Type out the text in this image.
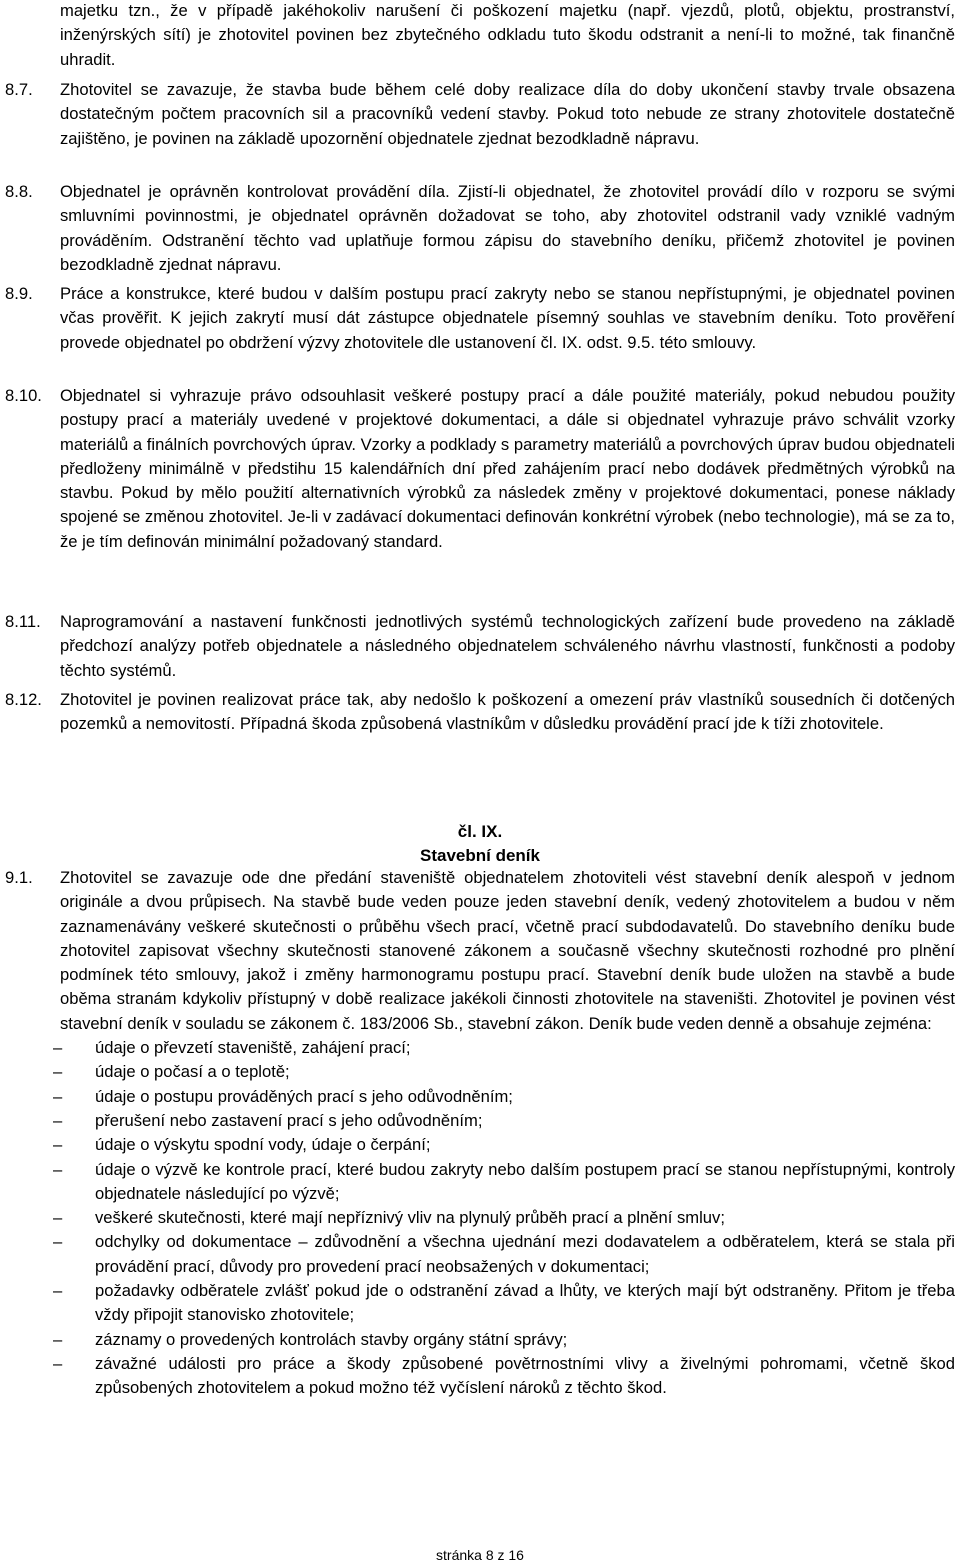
majetku tzn., že v případě jakéhokoliv narušení či poškození majetku (např. vjezdů, plotů, objektu, prostranství, inženýrských sítí) je zhotovitel povinen bez zbytečného odkladu tuto škodu odstranit a není-li to možné, tak finančně uhradit.

8.7.	Zhotovitel se zavazuje, že stavba bude během celé doby realizace díla do doby ukončení stavby trvale obsazena dostatečným počtem pracovních sil a pracovníků vedení stavby. Pokud toto nebude ze strany zhotovitele dostatečně zajištěno, je povinen na základě upozornění objednatele zjednat bezodkladně nápravu.
8.8.	Objednatel je oprávněn kontrolovat provádění díla. Zjistí-li objednatel, že zhotovitel provádí dílo v rozporu se svými smluvními povinnostmi, je objednatel oprávněn dožadovat se toho, aby zhotovitel odstranil vady vzniklé vadným prováděním. Odstranění těchto vad uplatňuje formou zápisu do stavebního deníku, přičemž zhotovitel je povinen bezodkladně zjednat nápravu.
8.9.	Práce a konstrukce, které budou v dalším postupu prací zakryty nebo se stanou nepřístupnými, je objednatel povinen včas prověřit. K jejich zakrytí musí dát zástupce objednatele písemný souhlas ve stavebním deníku. Toto prověření provede objednatel po obdržení výzvy zhotovitele dle ustanovení čl. IX. odst. 9.5. této smlouvy.
8.10.	Objednatel si vyhrazuje právo odsouhlasit veškeré postupy prací a dále použité materiály, pokud nebudou použity postupy prací a materiály uvedené v projektové dokumentaci, a dále si objednatel vyhrazuje právo schválit vzorky materiálů a finálních povrchových úprav. Vzorky a podklady s parametry materiálů a povrchových úprav budou objednateli předloženy minimálně v předstihu 15 kalendářních dní před zahájením prací nebo dodávek předmětných výrobků na stavbu. Pokud by mělo použití alternativních výrobků za následek změny v projektové dokumentaci, ponese náklady spojené se změnou zhotovitel. Je-li v zadávací dokumentaci definován konkrétní výrobek (nebo technologie), má se za to, že je tím definován minimální požadovaný standard.
8.11.	Naprogramování a nastavení funkčnosti jednotlivých systémů technologických zařízení bude provedeno na základě předchozí analýzy potřeb objednatele a následného objednatelem schváleného návrhu vlastností, funkčnosti a podoby těchto systémů.
8.12.	Zhotovitel je povinen realizovat práce tak, aby nedošlo k poškození a omezení práv vlastníků sousedních či dotčených pozemků a nemovitostí. Případná škoda způsobená vlastníkům v důsledku provádění prací jde k tíži zhotovitele.
čl. IX.
Stavební deník
9.1.	Zhotovitel se zavazuje ode dne předání staveniště objednatelem zhotoviteli vést stavební deník alespoň v jednom originále a dvou průpisech. Na stavbě bude veden pouze jeden stavební deník, vedený zhotovitelem a budou v něm zaznamenávány veškeré skutečnosti o průběhu všech prací, včetně prací subdodavatelů. Do stavebního deníku bude zhotovitel zapisovat všechny skutečnosti stanovené zákonem a současně všechny skutečnosti rozhodné pro plnění podmínek této smlouvy, jakož i změny harmonogramu postupu prací. Stavební deník bude uložen na stavbě a bude oběma stranám kdykoliv přístupný v době realizace jakékoli činnosti zhotovitele na staveništi. Zhotovitel je povinen vést stavební deník v souladu se zákonem č. 183/2006 Sb., stavební zákon. Deník bude veden denně a obsahuje zejména:
–	údaje o převzetí staveniště, zahájení prací;
–	údaje o počasí a o teplotě;
–	údaje o postupu prováděných prací s jeho odůvodněním;
–	přerušení nebo zastavení prací s jeho odůvodněním;
–	údaje o výskytu spodní vody, údaje o čerpání;
–	údaje o výzvě ke kontrole prací, které budou zakryty nebo dalším postupem prací se stanou nepřístupnými, kontroly objednatele následující po výzvě;
–	veškeré skutečnosti, které mají nepříznivý vliv na plynulý průběh prací a plnění smluv;
–	odchylky od dokumentace – zdůvodnění a všechna ujednání mezi dodavatelem a odběratelem, která se stala při provádění prací, důvody pro provedení prací neobsažených v dokumentaci;
–	požadavky odběratele zvlášť pokud jde o odstranění závad a lhůty, ve kterých mají být odstraněny. Přitom je třeba vždy připojit stanovisko zhotovitele;
–	záznamy o provedených kontrolách stavby orgány státní správy;
–	závažné události pro práce a škody způsobené povětrnostními vlivy a živelnými pohromami, včetně škod způsobených zhotovitelem a pokud možno též vyčíslení nároků z těchto škod.
stránka 8 z 16
